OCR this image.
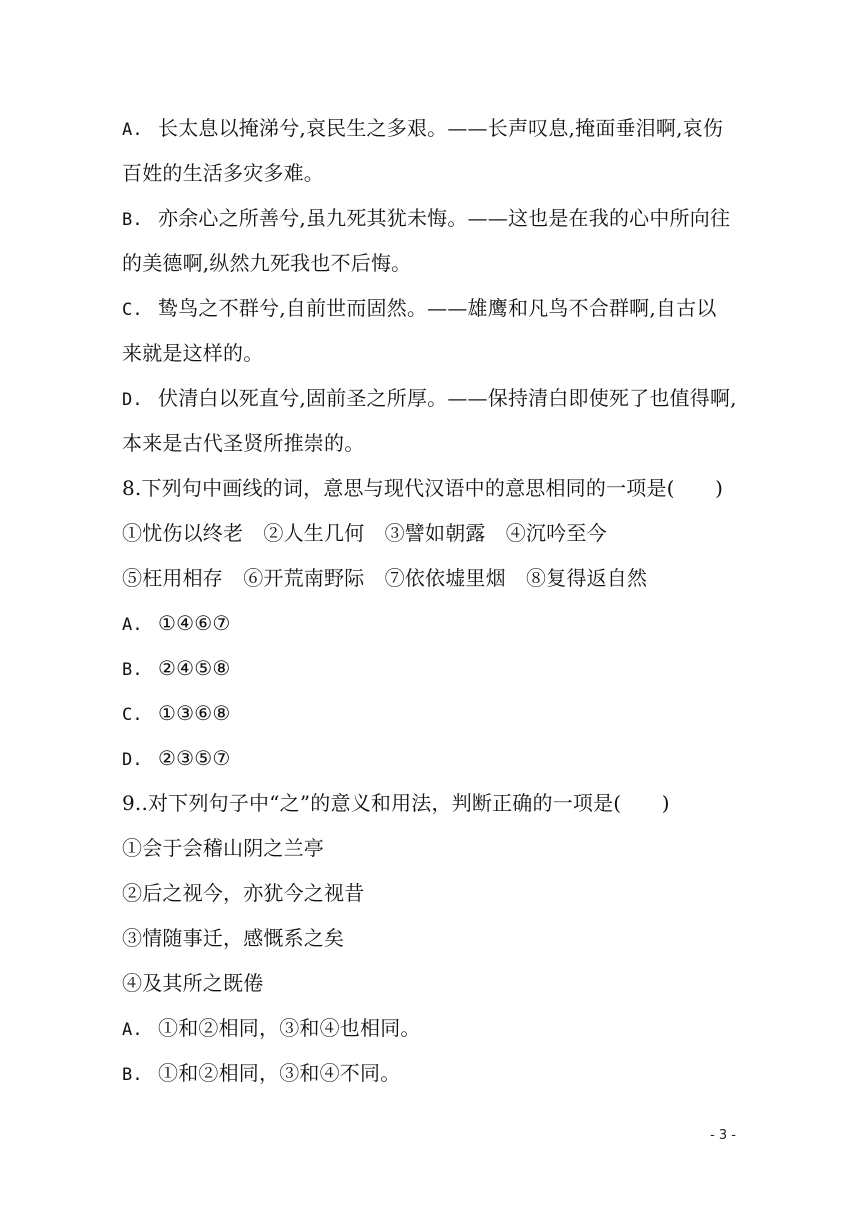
A. 长太息以掩涕兮,哀民生之多艰。——长声叹息,掩面垂泪啊,哀伤
百姓的生活多灾多难。
B. 亦余心之所善兮,虽九死其犹未悔。——这也是在我的心中所向往
的美德啊,纵然九死我也不后悔。
C. 鸷鸟之不群兮,自前世而固然。——雄鹰和凡鸟不合群啊,自古以
来就是这样的。
D. 伏清白以死直兮,固前圣之所厚。——保持清白即使死了也值得啊,
本来是古代圣贤所推崇的。
8.下列句中画线的词，意思与现代汉语中的意思相同的一项是(　　)
①忧伤以终老　②人生几何　③譬如朝露　④沉吟至今
⑤枉用相存　⑥开荒南野际　⑦依依墟里烟　⑧复得返自然
A. ①④⑥⑦
B. ②④⑤⑧
C. ①③⑥⑧
D. ②③⑤⑦
9..对下列句子中“之”的意义和用法，判断正确的一项是(　　)
①会于会稽山阴之兰亭
②后之视今，亦犹今之视昔
③情随事迁，感慨系之矣
④及其所之既倦
A. ①和②相同，③和④也相同。
B. ①和②相同，③和④不同。
- 3 -
